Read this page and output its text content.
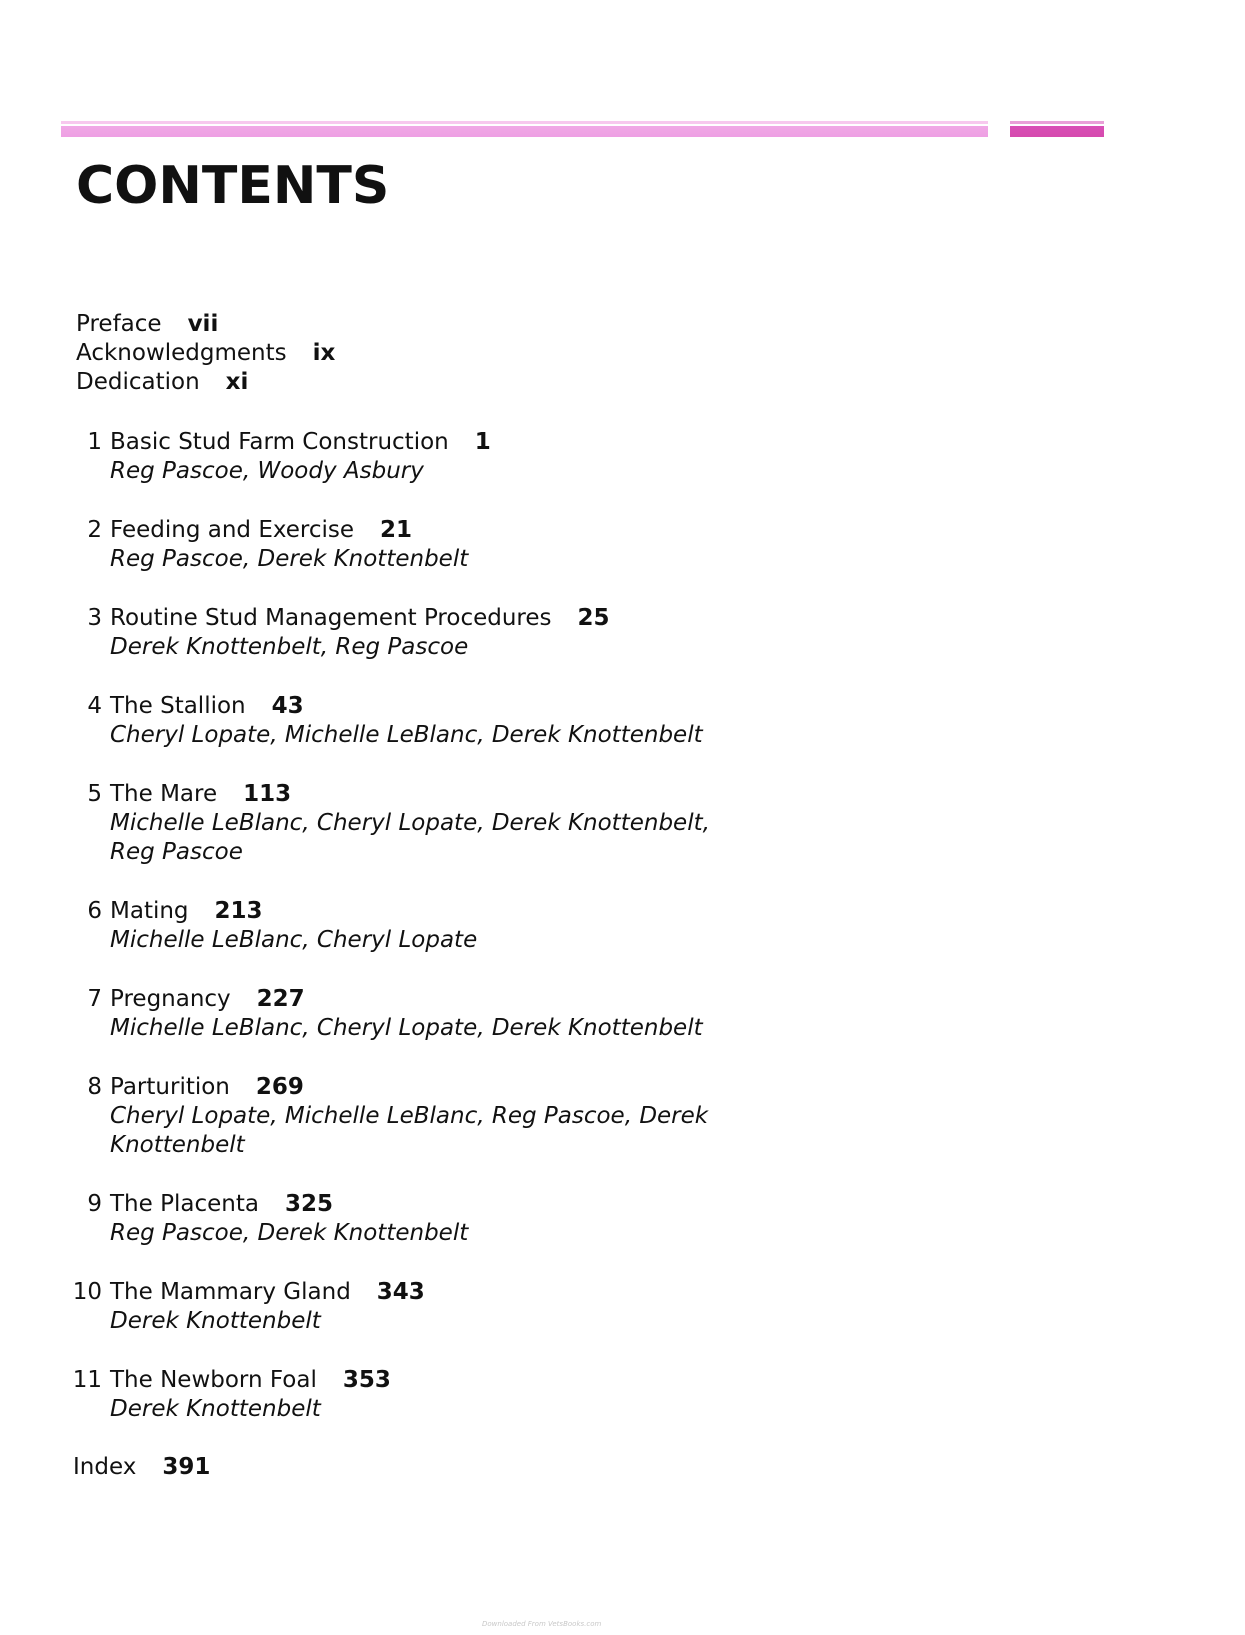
CONTENTS
Preface vii
Acknowledgments ix
Dedication xi
1 Basic Stud Farm Construction 1
Reg Pascoe, Woody Asbury
2 Feeding and Exercise 21
Reg Pascoe, Derek Knottenbelt
3 Routine Stud Management Procedures 25
Derek Knottenbelt, Reg Pascoe
4 The Stallion 43
Cheryl Lopate, Michelle LeBlanc, Derek Knottenbelt
5 The Mare 113
Michelle LeBlanc, Cheryl Lopate, Derek Knottenbelt, Reg Pascoe
6 Mating 213
Michelle LeBlanc, Cheryl Lopate
7 Pregnancy 227
Michelle LeBlanc, Cheryl Lopate, Derek Knottenbelt
8 Parturition 269
Cheryl Lopate, Michelle LeBlanc, Reg Pascoe, Derek Knottenbelt
9 The Placenta 325
Reg Pascoe, Derek Knottenbelt
10 The Mammary Gland 343
Derek Knottenbelt
11 The Newborn Foal 353
Derek Knottenbelt
Index 391
Downloaded From VetsBooks.com
